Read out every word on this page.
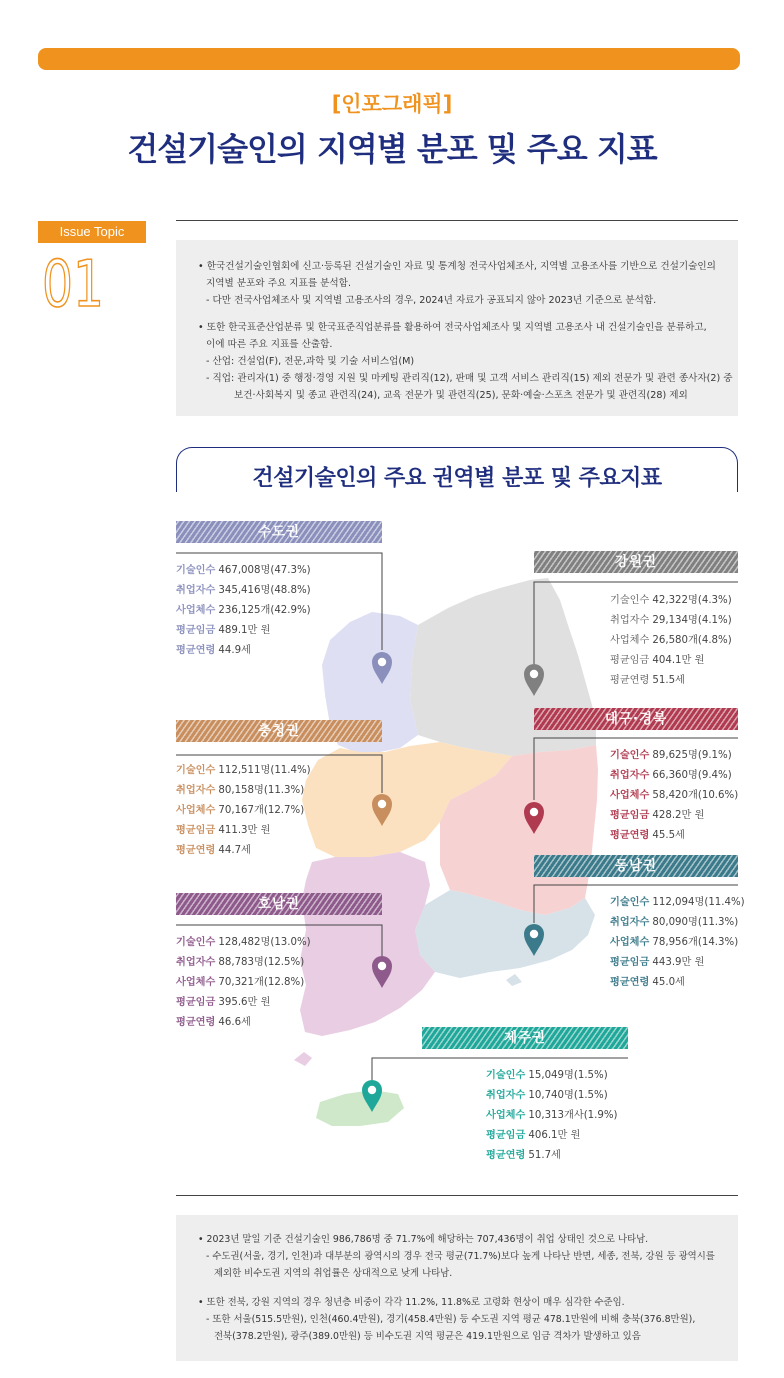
[인포그래픽]
건설기술인의 지역별 분포 및 주요 지표
Issue Topic
01	• 한국건설기술인협회에 신고·등록된 건설기술인 자료 및 통계청 전국사업체조사, 지역별 고용조사를 기반으로 건설기술인의
지역별 분포와 주요 지표를 분석함.
- 다만 전국사업체조사 및 지역별 고용조사의 경우, 2024년 자료가 공표되지 않아 2023년 기준으로 분석함.
• 또한 한국표준산업분류 및 한국표준직업분류를 활용하여 전국사업체조사 및 지역별 고용조사 내 건설기술인을 분류하고,
이에 따른 주요 지표를 산출함.
- 산업: 건설업(F), 전문,과학 및 기술 서비스업(M)
- 직업: 관리자(1) 중 행정·경영 지원 및 마케팅 관리직(12), 판매 및 고객 서비스 관리직(15) 제외 전문가 및 관련 종사자(2) 중
보건·사회복지 및 종교 관련직(24), 교육 전문가 및 관련직(25), 문화·예술·스포츠 전문가 및 관련직(28) 제외
건설기술인의 주요 권역별 분포 및 주요지표
수도권
강원권
충청권
대구·경북
동남권
호남권
제주권
기술인수 467,008명(47.3%)
취업자수 345,416명(48.8%)
사업체수 236,125개(42.9%)
평균임금 489.1만 원
평균연령 44.9세
기술인수 42,322명(4.3%)
취업자수 29,134명(4.1%)
사업체수 26,580개(4.8%)
평균임금 404.1만 원
평균연령 51.5세
기술인수 112,511명(11.4%)
취업자수 80,158명(11.3%)
사업체수 70,167개(12.7%)
평균임금 411.3만 원
평균연령 44.7세
기술인수 89,625명(9.1%)
취업자수 66,360명(9.4%)
사업체수 58,420개(10.6%)
평균임금 428.2만 원
평균연령 45.5세
기술인수 112,094명(11.4%)
취업자수 80,090명(11.3%)
사업체수 78,956개(14.3%)
평균임금 443.9만 원
평균연령 45.0세
기술인수 128,482명(13.0%)
취업자수 88,783명(12.5%)
사업체수 70,321개(12.8%)
평균임금 395.6만 원
평균연령 46.6세
기술인수 15,049명(1.5%)
취업자수 10,740명(1.5%)
사업체수 10,313개사(1.9%)
평균임금 406.1만 원
평균연령 51.7세
• 2023년 말일 기준 건설기술인 986,786명 중 71.7%에 해당하는 707,436명이 취업 상태인 것으로 나타남.
- 수도권(서울, 경기, 인천)과 대부분의 광역시의 경우 전국 평균(71.7%)보다 높게 나타난 반면, 세종, 전북, 강원 등 광역시를
제외한 비수도권 지역의 취업률은 상대적으로 낮게 나타남.
• 또한 전북, 강원 지역의 경우 청년층 비중이 각각 11.2%, 11.8%로 고령화 현상이 매우 심각한 수준임.
- 또한 서울(515.5만원), 인천(460.4만원), 경기(458.4만원) 등 수도권 지역 평균 478.1만원에 비해 충북(376.8만원),
전북(378.2만원), 광주(389.0만원) 등 비수도권 지역 평균은 419.1만원으로 임금 격차가 발생하고 있음
